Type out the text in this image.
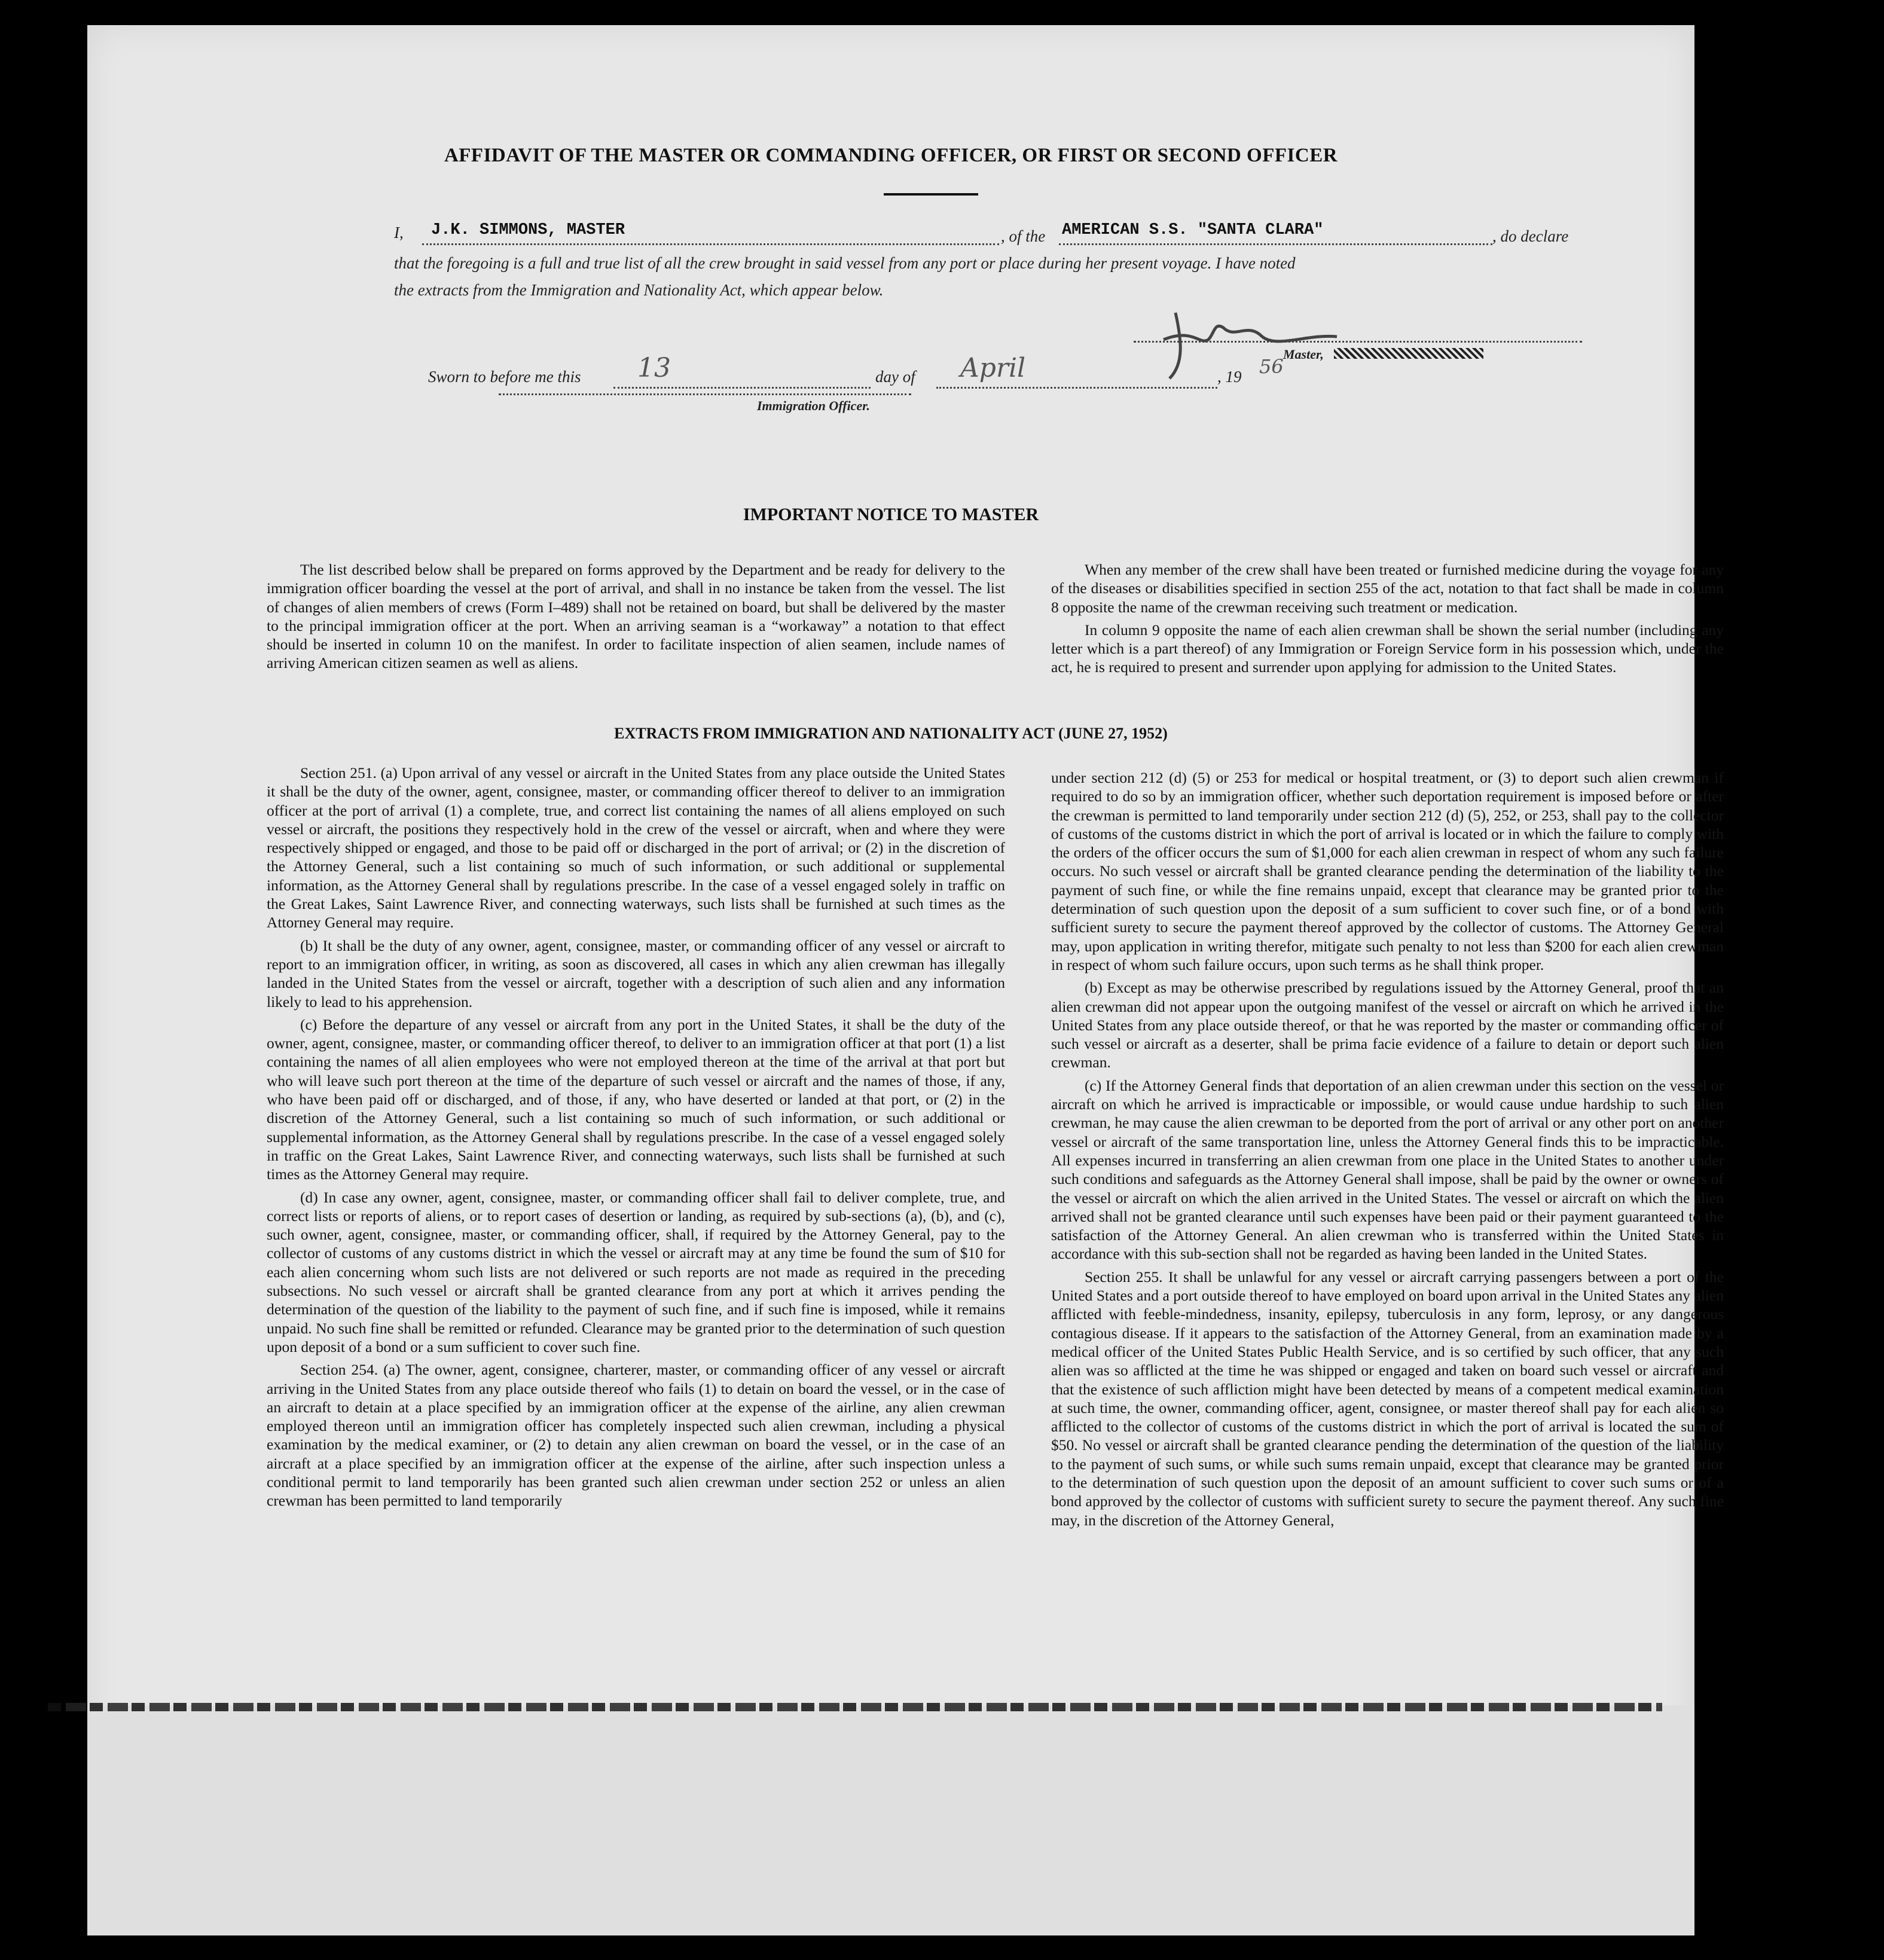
AFFIDAVIT OF THE MASTER OR COMMANDING OFFICER, OR FIRST OR SECOND OFFICER
I, J.K. SIMMONS, MASTER	, of the AMERICAN S.S. "SANTA CLARA"	, do declare
that the foregoing is a full and true list of all the crew brought in said vessel from any port or place during her present voyage. I have noted
the extracts from the Immigration and Nationality Act, which appear below.
Master,
Sworn to before me this 13	day of April	, 19 56
Immigration Officer.
IMPORTANT NOTICE TO MASTER

The list described below shall be prepared on forms approved by the Department and be ready for delivery to the immigration officer boarding the vessel at the port of arrival, and shall in no instance be taken from the vessel. The list of changes of alien members of crews (Form I–489) shall not be retained on board, but shall be delivered by the master to the principal immigration officer at the port. When an arriving seaman is a “workaway” a notation to that effect should be inserted in column 10 on the manifest. In order to facilitate inspection of alien seamen, include names of arriving American citizen seamen as well as aliens.

When any member of the crew shall have been treated or furnished medicine during the voyage for any of the diseases or disabilities specified in section 255 of the act, notation to that fact shall be made in column 8 opposite the name of the crewman receiving such treatment or medication.

In column 9 opposite the name of each alien crewman shall be shown the serial number (including any letter which is a part thereof) of any Immigration or Foreign Service form in his possession which, under the act, he is required to present and surrender upon applying for admission to the United States.

EXTRACTS FROM IMMIGRATION AND NATIONALITY ACT (JUNE 27, 1952)

Section 251. (a) Upon arrival of any vessel or aircraft in the United States from any place outside the United States it shall be the duty of the owner, agent, consignee, master, or commanding officer thereof to deliver to an immigration officer at the port of arrival (1) a complete, true, and correct list containing the names of all aliens employed on such vessel or aircraft, the positions they respectively hold in the crew of the vessel or aircraft, when and where they were respectively shipped or engaged, and those to be paid off or discharged in the port of arrival; or (2) in the discretion of the Attorney General, such a list containing so much of such information, or such additional or supplemental information, as the Attorney General shall by regulations prescribe. In the case of a vessel engaged solely in traffic on the Great Lakes, Saint Lawrence River, and connecting waterways, such lists shall be furnished at such times as the Attorney General may require.

(b) It shall be the duty of any owner, agent, consignee, master, or commanding officer of any vessel or aircraft to report to an immigration officer, in writing, as soon as discovered, all cases in which any alien crewman has illegally landed in the United States from the vessel or aircraft, together with a description of such alien and any information likely to lead to his apprehension.

(c) Before the departure of any vessel or aircraft from any port in the United States, it shall be the duty of the owner, agent, consignee, master, or commanding officer thereof, to deliver to an immigration officer at that port (1) a list containing the names of all alien employees who were not employed thereon at the time of the arrival at that port but who will leave such port thereon at the time of the departure of such vessel or aircraft and the names of those, if any, who have been paid off or discharged, and of those, if any, who have deserted or landed at that port, or (2) in the discretion of the Attorney General, such a list containing so much of such information, or such additional or supplemental information, as the Attorney General shall by regulations prescribe. In the case of a vessel engaged solely in traffic on the Great Lakes, Saint Lawrence River, and connecting waterways, such lists shall be furnished at such times as the Attorney General may require.

(d) In case any owner, agent, consignee, master, or commanding officer shall fail to deliver complete, true, and correct lists or reports of aliens, or to report cases of desertion or landing, as required by sub-sections (a), (b), and (c), such owner, agent, consignee, master, or commanding officer, shall, if required by the Attorney General, pay to the collector of customs of any customs district in which the vessel or aircraft may at any time be found the sum of $10 for each alien concerning whom such lists are not delivered or such reports are not made as required in the preceding subsections. No such vessel or aircraft shall be granted clearance from any port at which it arrives pending the determination of the question of the liability to the payment of such fine, and if such fine is imposed, while it remains unpaid. No such fine shall be remitted or refunded. Clearance may be granted prior to the determination of such question upon deposit of a bond or a sum sufficient to cover such fine.

Section 254. (a) The owner, agent, consignee, charterer, master, or commanding officer of any vessel or aircraft arriving in the United States from any place outside thereof who fails (1) to detain on board the vessel, or in the case of an aircraft to detain at a place specified by an immigration officer at the expense of the airline, any alien crewman employed thereon until an immigration officer has completely inspected such alien crewman, including a physical examination by the medical examiner, or (2) to detain any alien crewman on board the vessel, or in the case of an aircraft at a place specified by an immigration officer at the expense of the airline, after such inspection unless a conditional permit to land temporarily has been granted such alien crewman under section 252 or unless an alien crewman has been permitted to land temporarily

under section 212 (d) (5) or 253 for medical or hospital treatment, or (3) to deport such alien crewman if required to do so by an immigration officer, whether such deportation requirement is imposed before or after the crewman is permitted to land temporarily under section 212 (d) (5), 252, or 253, shall pay to the collector of customs of the customs district in which the port of arrival is located or in which the failure to comply with the orders of the officer occurs the sum of $1,000 for each alien crewman in respect of whom any such failure occurs. No such vessel or aircraft shall be granted clearance pending the determination of the liability to the payment of such fine, or while the fine remains unpaid, except that clearance may be granted prior to the determination of such question upon the deposit of a sum sufficient to cover such fine, or of a bond with sufficient surety to secure the payment thereof approved by the collector of customs. The Attorney General may, upon application in writing therefor, mitigate such penalty to not less than $200 for each alien crewman in respect of whom such failure occurs, upon such terms as he shall think proper.

(b) Except as may be otherwise prescribed by regulations issued by the Attorney General, proof that an alien crewman did not appear upon the outgoing manifest of the vessel or aircraft on which he arrived in the United States from any place outside thereof, or that he was reported by the master or commanding officer of such vessel or aircraft as a deserter, shall be prima facie evidence of a failure to detain or deport such alien crewman.

(c) If the Attorney General finds that deportation of an alien crewman under this section on the vessel or aircraft on which he arrived is impracticable or impossible, or would cause undue hardship to such alien crewman, he may cause the alien crewman to be deported from the port of arrival or any other port on another vessel or aircraft of the same transportation line, unless the Attorney General finds this to be impracticable. All expenses incurred in transferring an alien crewman from one place in the United States to another under such conditions and safeguards as the Attorney General shall impose, shall be paid by the owner or owners of the vessel or aircraft on which the alien arrived in the United States. The vessel or aircraft on which the alien arrived shall not be granted clearance until such expenses have been paid or their payment guaranteed to the satisfaction of the Attorney General. An alien crewman who is transferred within the United States in accordance with this sub-section shall not be regarded as having been landed in the United States.

Section 255. It shall be unlawful for any vessel or aircraft carrying passengers between a port of the United States and a port outside thereof to have employed on board upon arrival in the United States any alien afflicted with feeble-mindedness, insanity, epilepsy, tuberculosis in any form, leprosy, or any dangerous contagious disease. If it appears to the satisfaction of the Attorney General, from an examination made by a medical officer of the United States Public Health Service, and is so certified by such officer, that any such alien was so afflicted at the time he was shipped or engaged and taken on board such vessel or aircraft and that the existence of such affliction might have been detected by means of a competent medical examination at such time, the owner, commanding officer, agent, consignee, or master thereof shall pay for each alien so afflicted to the collector of customs of the customs district in which the port of arrival is located the sum of $50. No vessel or aircraft shall be granted clearance pending the determination of the question of the liability to the payment of such sums, or while such sums remain unpaid, except that clearance may be granted prior to the determination of such question upon the deposit of an amount sufficient to cover such sums or of a bond approved by the collector of customs with sufficient surety to secure the payment thereof. Any such fine may, in the discretion of the Attorney General,
